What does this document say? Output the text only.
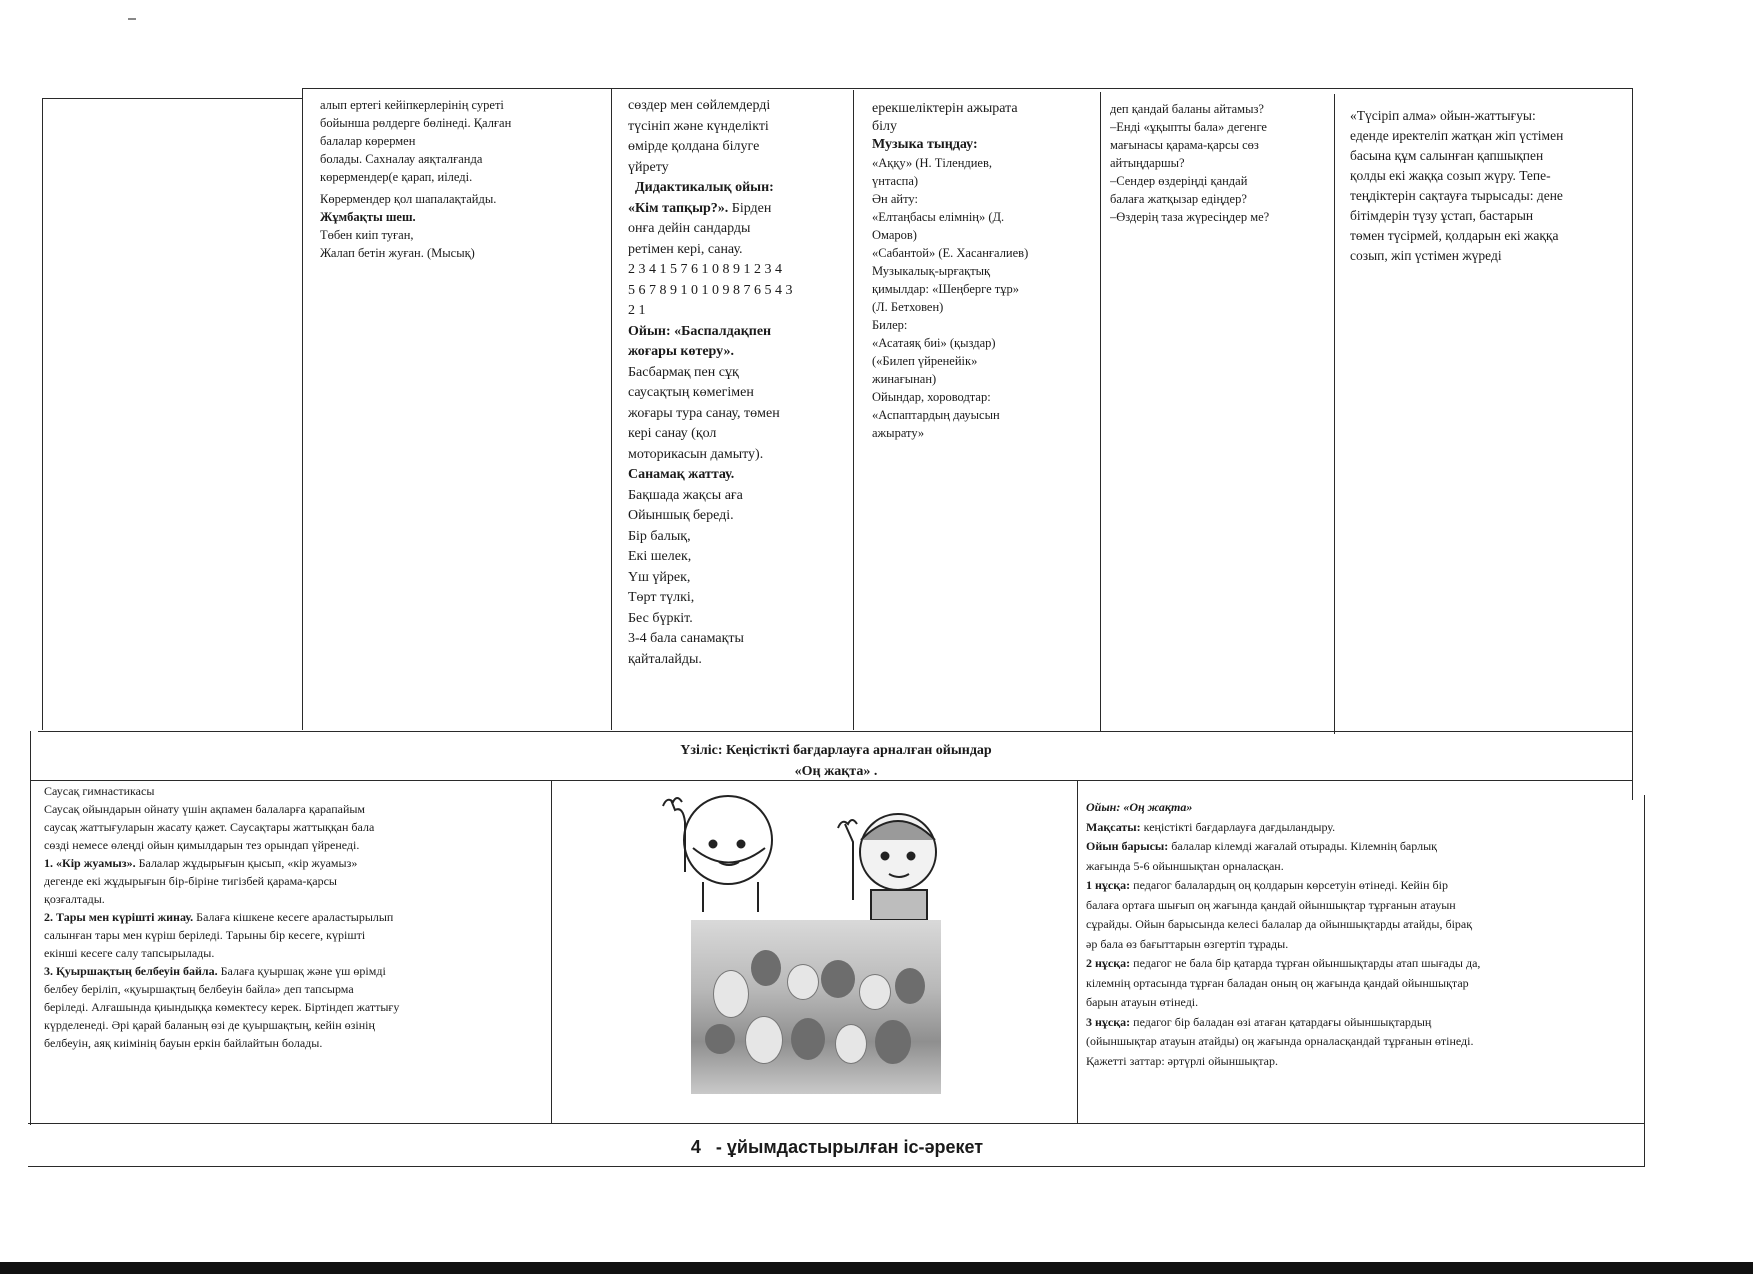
алып ертегі кейіпкерлерінің суреті

бойынша рөлдерге бөлінеді. Қалған

балалар көрермен

болады. Сахналау аяқталғанда

көрермендер(е қарап, иіледі.

Көрермендер қол шапалақтайды.

Жұмбақты шеш.

Төбен киіп туған,

Жалап бетін жуған. (Мысық)

сөздер мен сөйлемдерді

түсініп және күнделікті

өмірде қолдана білуге

үйрету

Дидактикалық ойын:

«Кім тапқыр?». Бірден

онға дейін сандарды

ретімен кері, санау.

2 3 4 1 5 7 6 1 0 8 9 1 2 3 4

5 6 7 8 9 1 0 1 0 9 8 7 6 5 4 3

2 1

Ойын: «Баспалдақпен

жоғары көтеру».

Басбармақ пен сұқ

саусақтың көмегімен

жоғары тура санау, төмен

кері санау (қол

моторикасын дамыту).

Санамақ жаттау.

Бақшада жақсы аға

Ойыншық береді.

Бір балық,

Екі шелек,

Үш үйрек,

Төрт түлкі,

Бес бүркіт.

3-4 бала санамақты

қайталайды.

ерекшеліктерін ажырата

білу

Музыка тыңдау:

«Аққу» (Н. Тілендиев,

үнтаспа)

Ән айту:

«Елтаңбасы елімнің» (Д.

Омаров)

«Сабантой» (Е. Хасанғалиев)

Музыкалық-ырғақтық

қимылдар: «Шеңберге тұр»

(Л. Бетховен)

Билер:

«Асатаяқ биі» (қыздар)

(«Билеп үйренейік»

жинағынан)

Ойындар, хороводтар:

«Аспаптардың дауысын

ажырату»

деп қандай баланы айтамыз?

–Енді «ұқыпты бала» дегенге

мағынасы қарама-қарсы сөз

айтыңдаршы?

–Сендер өздеріңді қандай

балаға жатқызар едіңдер?

–Өздерің таза жүресіңдер ме?

«Түсіріп алма» ойын-жаттығуы:

еденде иректеліп жатқан жіп үстімен

басына құм салынған қапшықпен

қолды екі жаққа созып жүру. Тепе-

теңдіктерін сақтауға тырысады: дене

бітімдерін түзу ұстап, бастарын

төмен түсірмей, қолдарын екі жаққа

созып, жіп үстімен жүреді

Үзіліс: Кеңістікті бағдарлауға арналған ойындар

«Оң жақта» .

Саусақ гимнастикасы

Саусақ ойындарын ойнату үшін ақпамен балаларға қарапайым

саусақ жаттығуларын жасату қажет. Саусақтары жаттыққан бала

сөзді немесе өлеңді ойын қимылдарын тез орындап үйренеді.

1. «Кір жуамыз». Балалар жұдырығын қысып, «кір жуамыз»

дегенде екі жұдырығын бір-біріне тигізбей қарама-қарсы

қозғалтады.

2. Тары мен күрішті жинау. Балаға кішкене кесеге араластырылып

салынған тары мен күріш беріледі. Тарыны бір кесеге, күрішті

екінші кесеге салу тапсырылады.

3. Қуыршақтың белбеуін байла. Балаға қуыршақ және үш өрімді

белбеу беріліп, «қуыршақтың белбеуін байла» деп тапсырма

беріледі. Алғашында қиындыққа көмектесу керек. Біртіндеп жаттығу

күрделенеді. Әрі қарай баланың өзі де қуыршақтың, кейін өзінің

белбеуін, аяқ киімінің бауын еркін байлайтын болады.

Ойын: «Оң жақта»

Мақсаты: кеңістікті бағдарлауға дағдыландыру.

Ойын барысы: балалар кілемді жағалай отырады. Кілемнің барлық

жағында 5-6 ойыншықтан орналасқан.

1 нұсқа: педагог балалардың оң қолдарын көрсетуін өтінеді. Кейін бір

балаға ортаға шығып оң жағында қандай ойыншықтар тұрғанын атауын

сұрайды. Ойын барысында келесі балалар да ойыншықтарды атайды, бірақ

әр бала өз бағыттарын өзгертіп тұрады.

2 нұсқа: педагог не бала бір қатарда тұрған ойыншықтарды атап шығады да,

кілемнің ортасында тұрған баладан оның оң жағында қандай ойыншықтар

барын атауын өтінеді.

3 нұсқа: педагог бір баладан өзі атаған қатардағы ойыншықтардың

(ойыншықтар атауын атайды) оң жағында орналасқандай тұрғанын өтінеді.

Қажетті заттар: әртүрлі ойыншықтар.

4   - ұйымдастырылған іс-әрекет
